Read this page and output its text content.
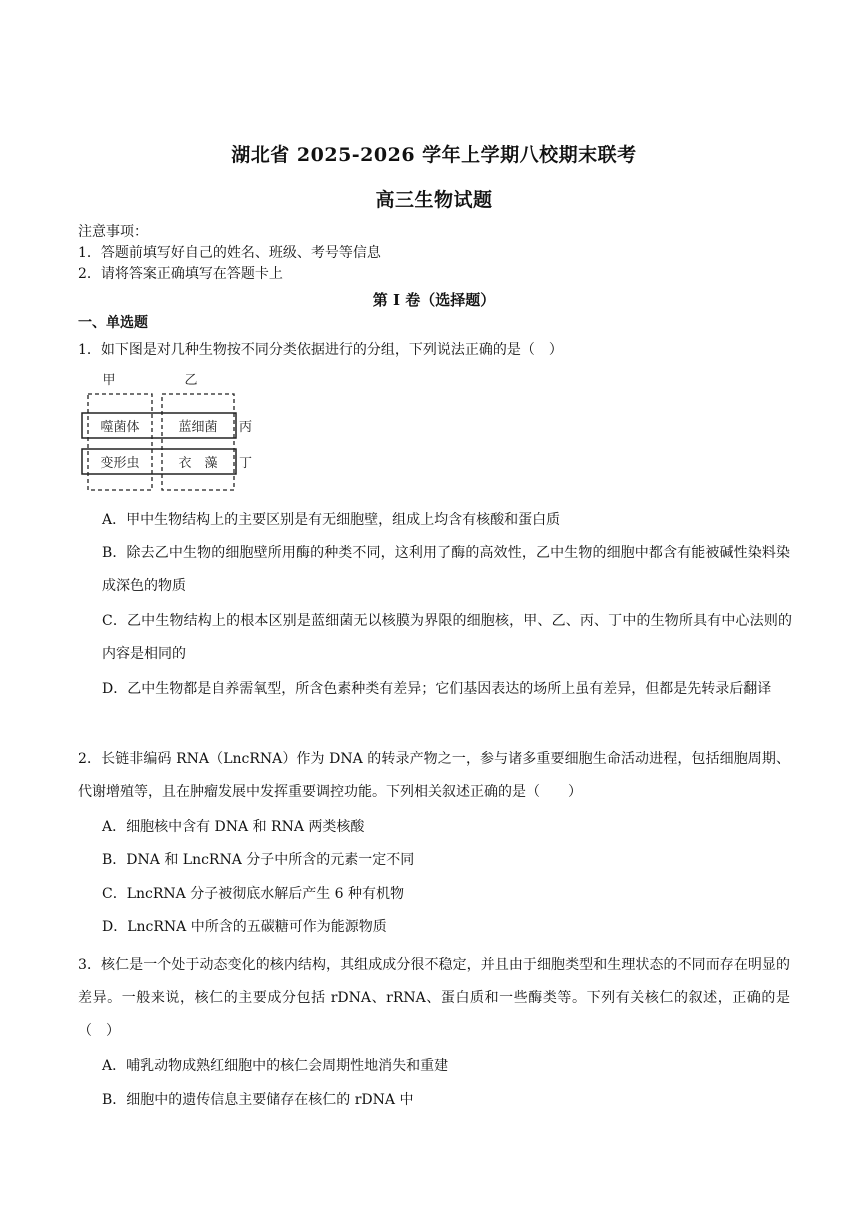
湖北省 2025-2026 学年上学期八校期末联考
高三生物试题
注意事项：
1．答题前填写好自己的姓名、班级、考号等信息
2．请将答案正确填写在答题卡上
第 I 卷（选择题）
一、单选题
1．如下图是对几种生物按不同分类依据进行的分组，下列说法正确的是（　）
甲	乙
噬菌体	蓝细菌
变形虫	衣　藻
丙
丁
A．甲中生物结构上的主要区别是有无细胞壁，组成上均含有核酸和蛋白质
B．除去乙中生物的细胞壁所用酶的种类不同，这利用了酶的高效性，乙中生物的细胞中都含有能被碱性染料染成深色的物质
C．乙中生物结构上的根本区别是蓝细菌无以核膜为界限的细胞核，甲、乙、丙、丁中的生物所具有中心法则的内容是相同的
D．乙中生物都是自养需氧型，所含色素种类有差异；它们基因表达的场所上虽有差异，但都是先转录后翻译
2．长链非编码 RNA（LncRNA）作为 DNA 的转录产物之一，参与诸多重要细胞生命活动进程，包括细胞周期、代谢增殖等，且在肿瘤发展中发挥重要调控功能。下列相关叙述正确的是（　　）
A．细胞核中含有 DNA 和 RNA 两类核酸
B．DNA 和 LncRNA 分子中所含的元素一定不同
C．LncRNA 分子被彻底水解后产生 6 种有机物
D．LncRNA 中所含的五碳糖可作为能源物质
3．核仁是一个处于动态变化的核内结构，其组成成分很不稳定，并且由于细胞类型和生理状态的不同而存在明显的差异。一般来说，核仁的主要成分包括 rDNA、rRNA、蛋白质和一些酶类等。下列有关核仁的叙述，正确的是（　）
A．哺乳动物成熟红细胞中的核仁会周期性地消失和重建
B．细胞中的遗传信息主要储存在核仁的 rDNA 中
